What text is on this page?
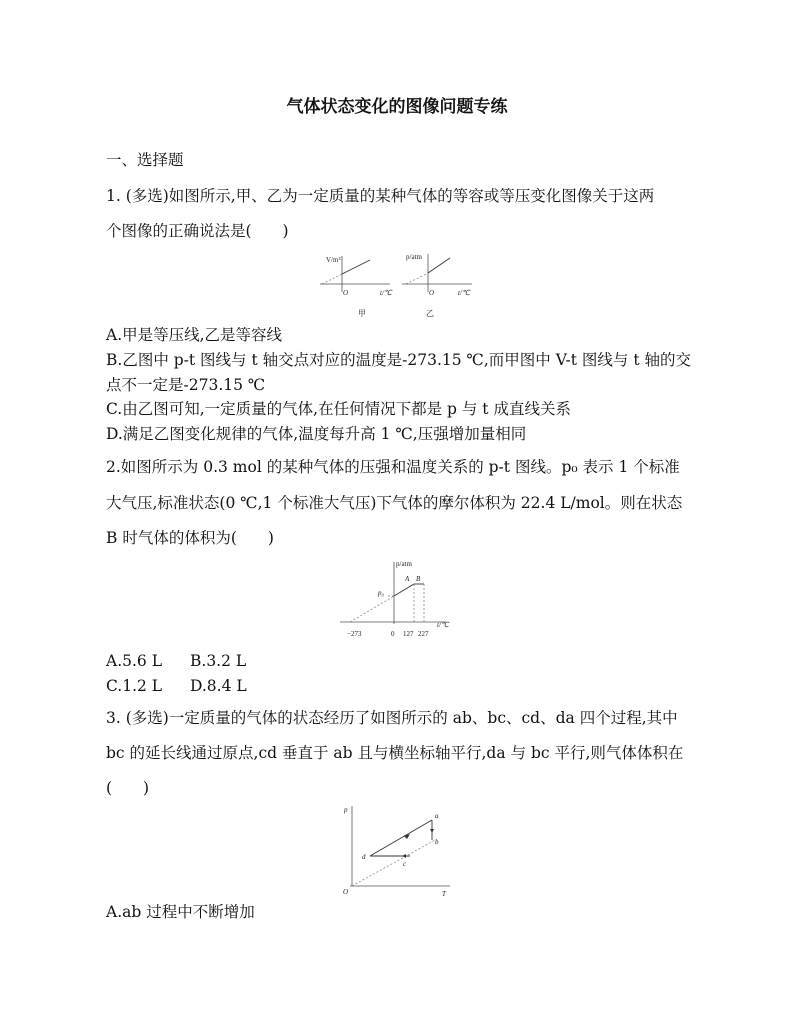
气体状态变化的图像问题专练
一、选择题
1. (多选)如图所示,甲、乙为一定质量的某种气体的等容或等压变化图像关于这两
个图像的正确说法是(　　)
V/m³
t/℃
O
甲
p/atm
t/℃
O
乙
A.甲是等压线,乙是等容线
B.乙图中 p-t 图线与 t 轴交点对应的温度是-273.15 ℃,而甲图中 V-t 图线与 t 轴的交
点不一定是-273.15 ℃
C.由乙图可知,一定质量的气体,在任何情况下都是 p 与 t 成直线关系
D.满足乙图变化规律的气体,温度每升高 1 ℃,压强增加量相同
2.如图所示为 0.3 mol 的某种气体的压强和温度关系的 p-t 图线。p₀ 表示 1 个标准
大气压,标准状态(0 ℃,1 个标准大气压)下气体的摩尔体积为 22.4 L/mol。则在状态
B 时气体的体积为(　　)
p/atm
t/℃
p₀
A B
0
−273	127 227
A.5.6 L B.3.2 L
C.1.2 L D.8.4 L
3. (多选)一定质量的气体的状态经历了如图所示的 ab、bc、cd、da 四个过程,其中
bc 的延长线通过原点,cd 垂直于 ab 且与横坐标轴平行,da 与 bc 平行,则气体体积在
(　　)
p
T
O
a
b
c
d
A.ab 过程中不断增加
